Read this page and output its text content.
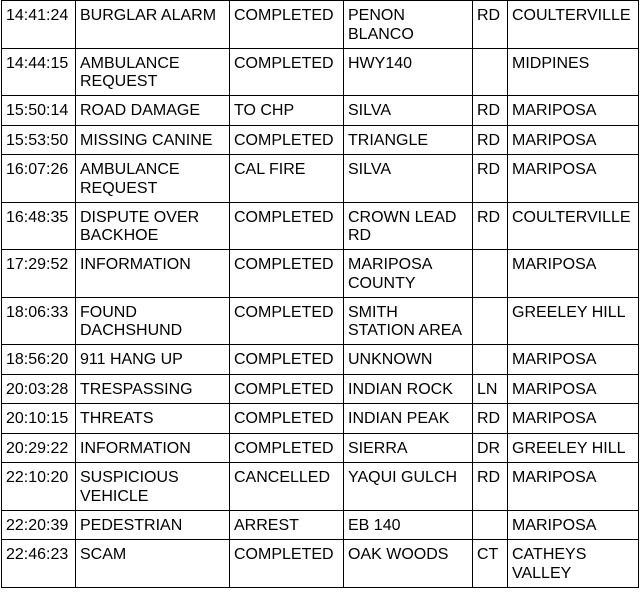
14:41:24	BURGLAR ALARM	COMPLETED	PENON BLANCO	RD	COULTERVILLE
14:44:15	AMBULANCE REQUEST	COMPLETED	HWY140		MIDPINES
15:50:14	ROAD DAMAGE	TO CHP	SILVA	RD	MARIPOSA
15:53:50	MISSING CANINE	COMPLETED	TRIANGLE	RD	MARIPOSA
16:07:26	AMBULANCE REQUEST	CAL FIRE	SILVA	RD	MARIPOSA
16:48:35	DISPUTE OVER BACKHOE	COMPLETED	CROWN LEAD RD	RD	COULTERVILLE
17:29:52	INFORMATION	COMPLETED	MARIPOSA COUNTY		MARIPOSA
18:06:33	FOUND DACHSHUND	COMPLETED	SMITH STATION AREA		GREELEY HILL
18:56:20	911 HANG UP	COMPLETED	UNKNOWN		MARIPOSA
20:03:28	TRESPASSING	COMPLETED	INDIAN ROCK	LN	MARIPOSA
20:10:15	THREATS	COMPLETED	INDIAN PEAK	RD	MARIPOSA
20:29:22	INFORMATION	COMPLETED	SIERRA	DR	GREELEY HILL
22:10:20	SUSPICIOUS VEHICLE	CANCELLED	YAQUI GULCH	RD	MARIPOSA
22:20:39	PEDESTRIAN	ARREST	EB 140		MARIPOSA
22:46:23	SCAM	COMPLETED	OAK WOODS	CT	CATHEYS VALLEY
